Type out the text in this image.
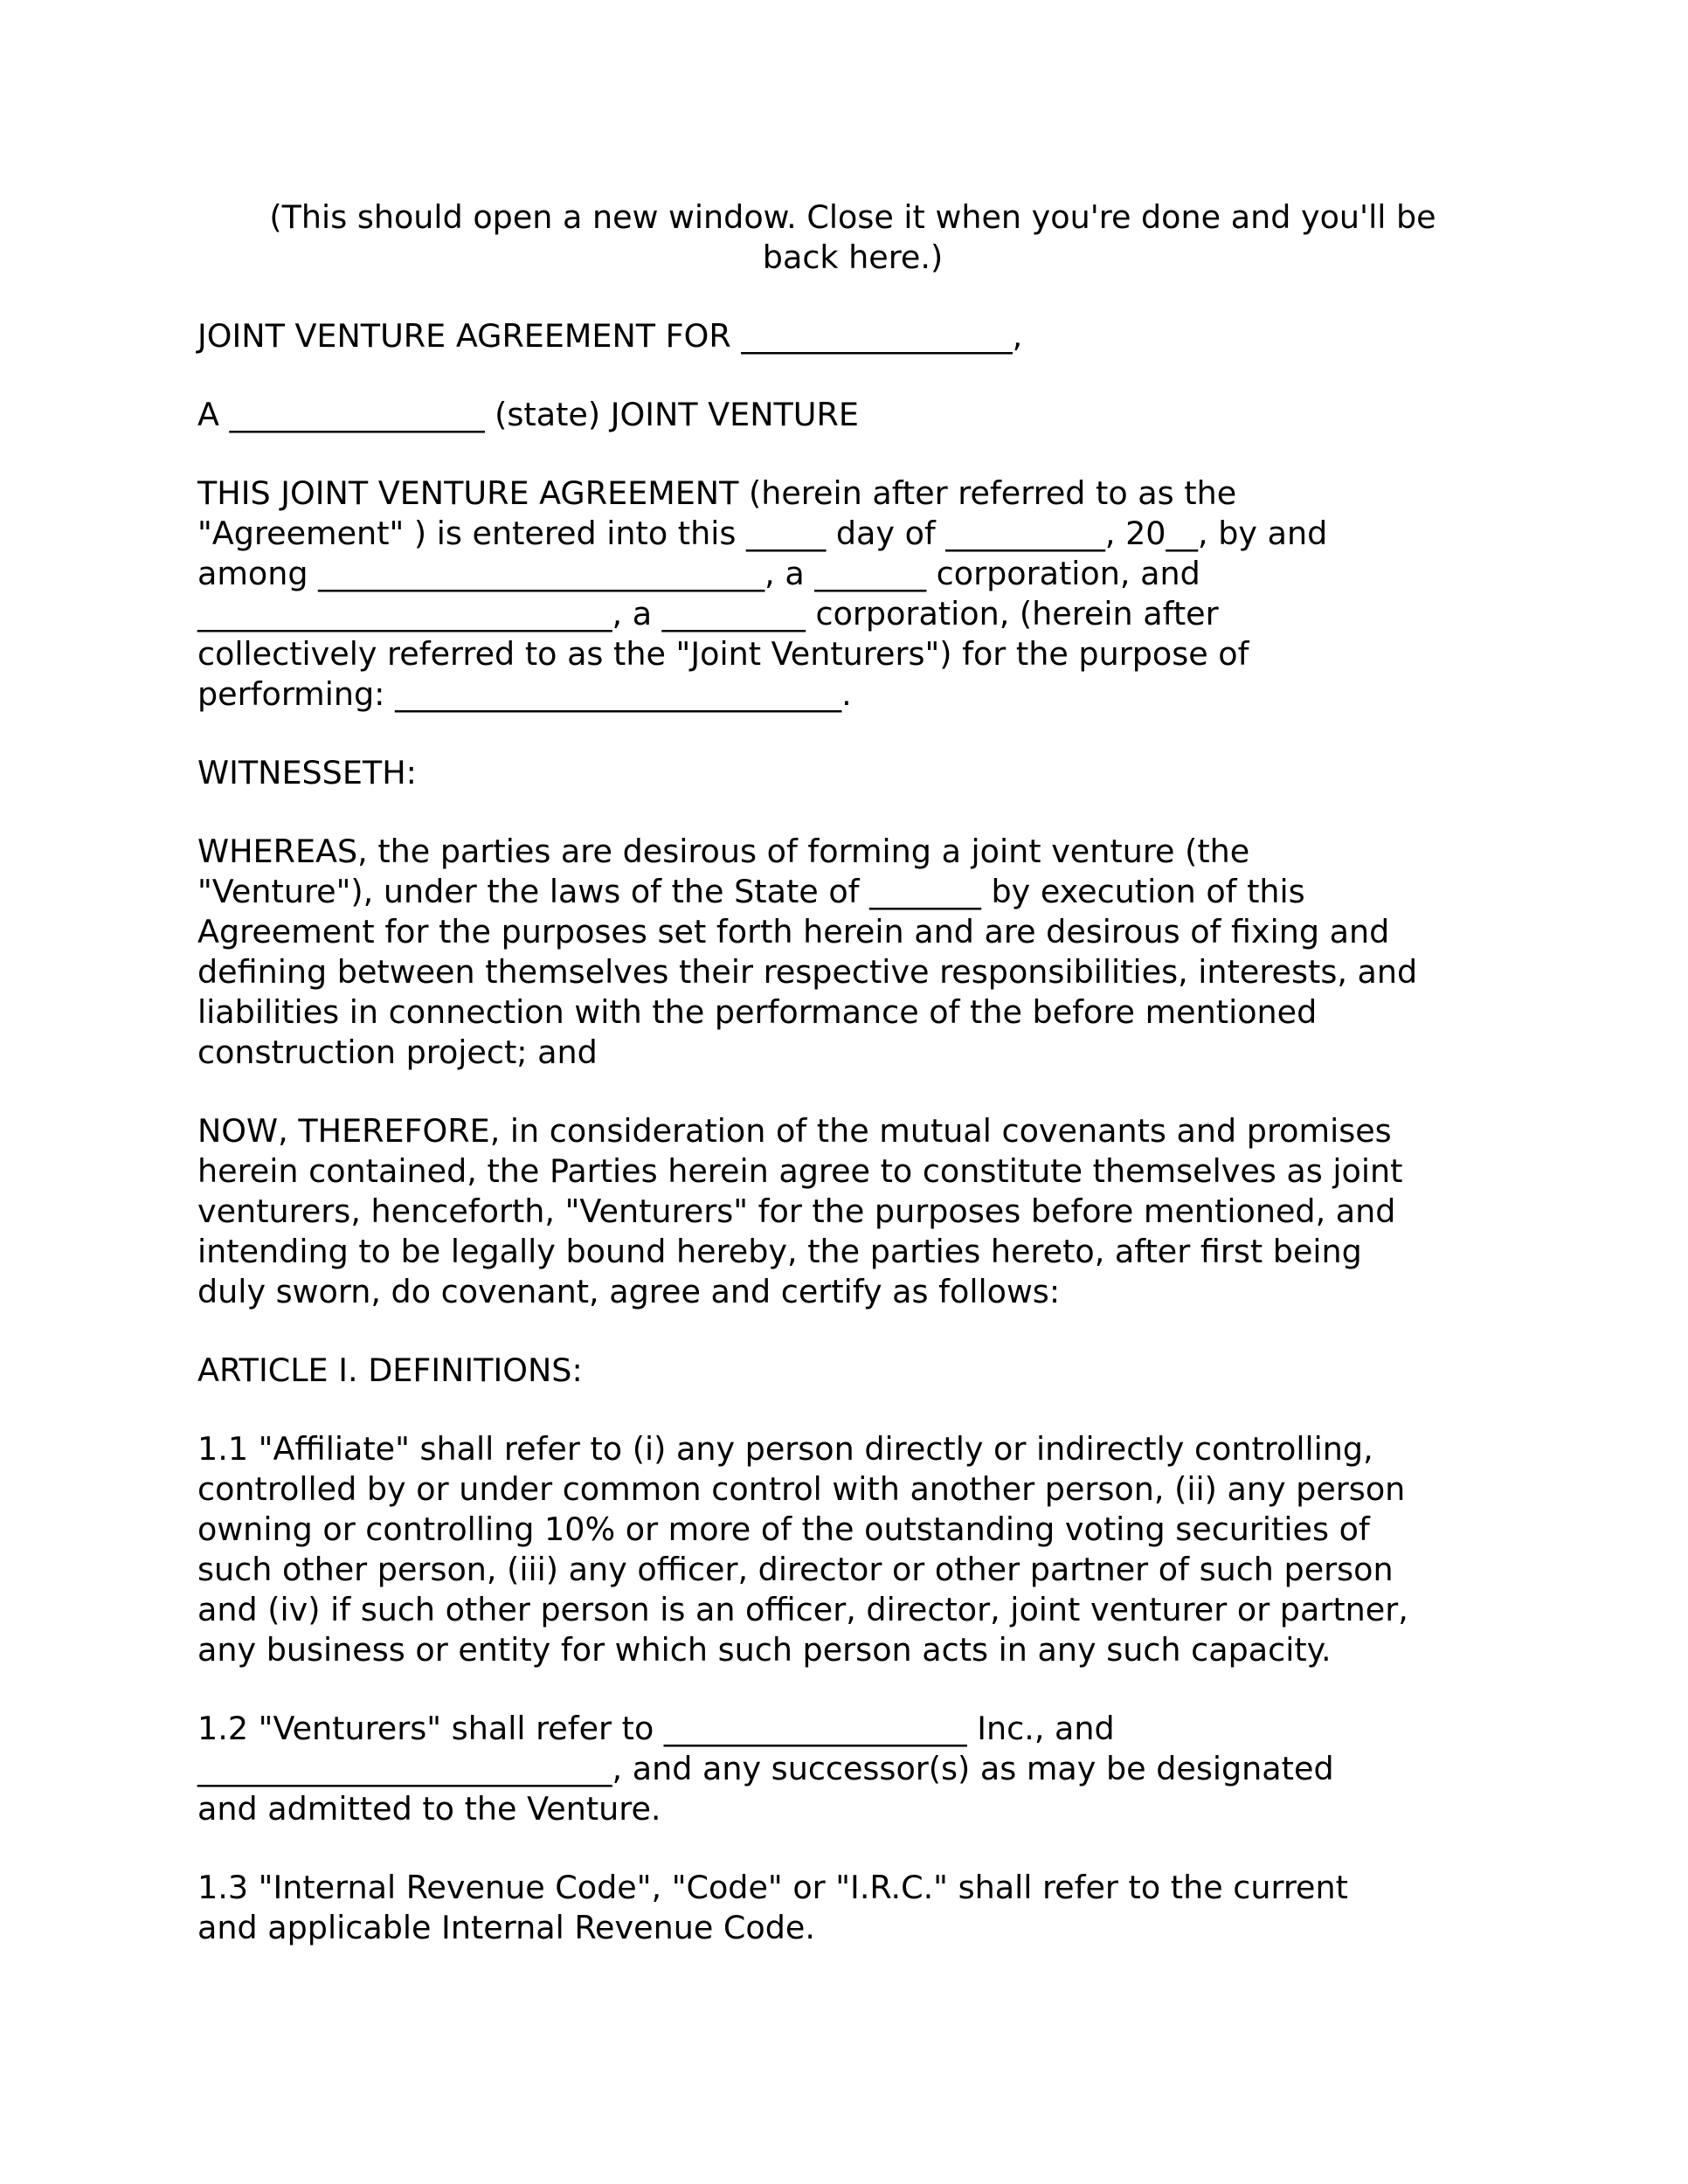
(This should open a new window. Close it when you're done and you'll be
back here.)
JOINT VENTURE AGREEMENT FOR _________________,
A ________________ (state) JOINT VENTURE
THIS JOINT VENTURE AGREEMENT (herein after referred to as the
"Agreement" ) is entered into this _____ day of __________, 20__, by and
among ____________________________, a _______ corporation, and
__________________________, a _________ corporation, (herein after
collectively referred to as the "Joint Venturers") for the purpose of
performing: ____________________________.
WITNESSETH:
WHEREAS, the parties are desirous of forming a joint venture (the
"Venture"), under the laws of the State of _______ by execution of this
Agreement for the purposes set forth herein and are desirous of fixing and
defining between themselves their respective responsibilities, interests, and
liabilities in connection with the performance of the before mentioned
construction project; and
NOW, THEREFORE, in consideration of the mutual covenants and promises
herein contained, the Parties herein agree to constitute themselves as joint
venturers, henceforth, "Venturers" for the purposes before mentioned, and
intending to be legally bound hereby, the parties hereto, after first being
duly sworn, do covenant, agree and certify as follows:
ARTICLE I. DEFINITIONS:
1.1 "Affiliate" shall refer to (i) any person directly or indirectly controlling,
controlled by or under common control with another person, (ii) any person
owning or controlling 10% or more of the outstanding voting securities of
such other person, (iii) any officer, director or other partner of such person
and (iv) if such other person is an officer, director, joint venturer or partner,
any business or entity for which such person acts in any such capacity.
1.2 "Venturers" shall refer to ___________________ Inc., and
__________________________, and any successor(s) as may be designated
and admitted to the Venture.
1.3 "Internal Revenue Code", "Code" or "I.R.C." shall refer to the current
and applicable Internal Revenue Code.
